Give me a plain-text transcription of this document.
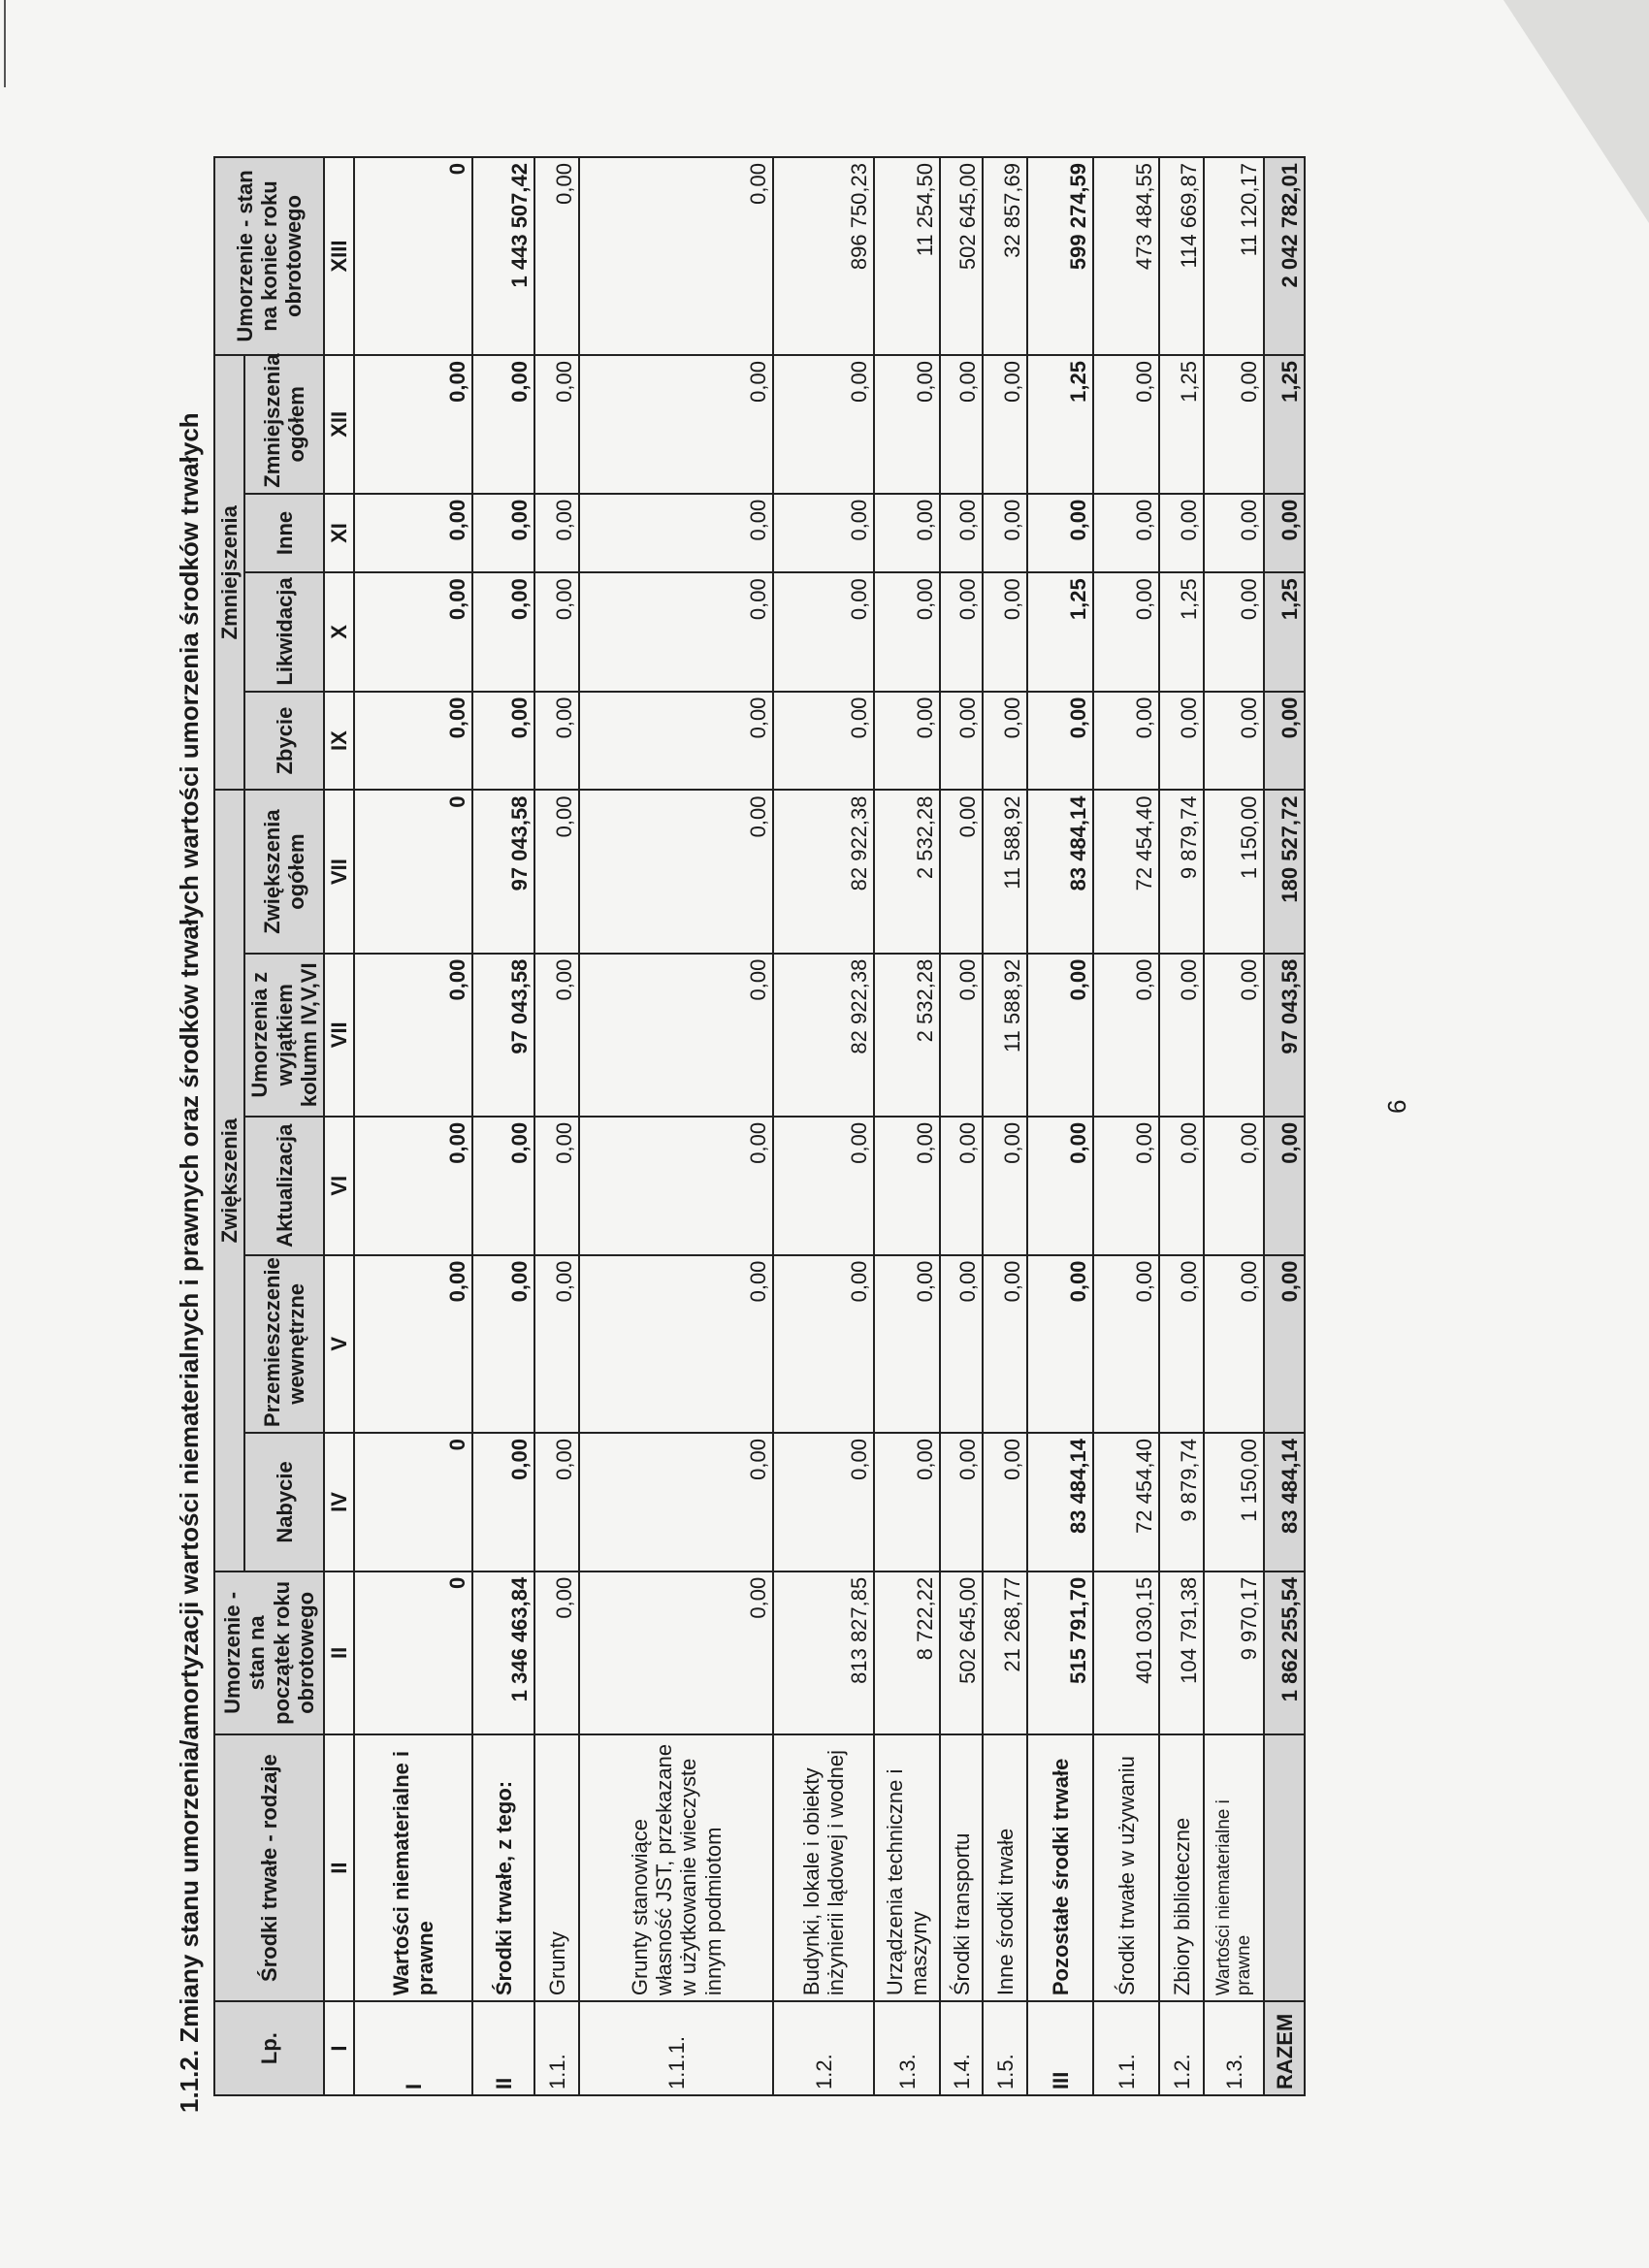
1.1.2. Zmiany stanu umorzenia/amortyzacji wartości niematerialnych i prawnych oraz środków trwałych wartości umorzenia środków trwałych Lp.	Środki trwałe - rodzaje	Umorzenie - stan na początek roku obrotowego	Zwiększenia					Zmniejszenia				Umorzenie - stan na koniec roku obrotowego
			Nabycie	Przemieszczenie wewnętrzne	Aktualizacja	Umorzenia z wyjątkiem kolumn IV,V,VI	Zwiększenia ogółem	Zbycie	Likwidacja	Inne	Zmniejszenia ogółem	
I	II	II	IV	V	VI	VII	VII	IX	X	XI	XII	XIII
I	Wartości niematerialne i prawne	0	0	0,00	0,00	0,00	0	0,00	0,00	0,00	0,00	0
II	Środki trwałe, z tego:	1 346 463,84	0,00	0,00	0,00	97 043,58	97 043,58	0,00	0,00	0,00	0,00	1 443 507,42
1.1.	Grunty	0,00	0,00	0,00	0,00	0,00	0,00	0,00	0,00	0,00	0,00	0,00
1.1.1.	Grunty stanowiące własność JST, przekazane w użytkowanie wieczyste innym podmiotom	0,00	0,00	0,00	0,00	0,00	0,00	0,00	0,00	0,00	0,00	0,00
1.2.	Budynki, lokale i obiekty inżynierii lądowej i wodnej	813 827,85	0,00	0,00	0,00	82 922,38	82 922,38	0,00	0,00	0,00	0,00	896 750,23
1.3.	Urządzenia techniczne i maszyny	8 722,22	0,00	0,00	0,00	2 532,28	2 532,28	0,00	0,00	0,00	0,00	11 254,50
1.4.	Środki transportu	502 645,00	0,00	0,00	0,00	0,00	0,00	0,00	0,00	0,00	0,00	502 645,00
1.5.	Inne środki trwałe	21 268,77	0,00	0,00	0,00	11 588,92	11 588,92	0,00	0,00	0,00	0,00	32 857,69
III	Pozostałe środki trwałe	515 791,70	83 484,14	0,00	0,00	0,00	83 484,14	0,00	1,25	0,00	1,25	599 274,59
1.1.	Środki trwałe w używaniu	401 030,15	72 454,40	0,00	0,00	0,00	72 454,40	0,00	0,00	0,00	0,00	473 484,55
1.2.	Zbiory biblioteczne	104 791,38	9 879,74	0,00	0,00	0,00	9 879,74	0,00	1,25	0,00	1,25	114 669,87
1.3.	Wartości niematerialne i prawne	9 970,17	1 150,00	0,00	0,00	0,00	1 150,00	0,00	0,00	0,00	0,00	11 120,17
RAZEM		1 862 255,54	83 484,14	0,00	0,00	97 043,58	180 527,72	0,00	1,25	0,00	1,25	2 042 782,01
6
